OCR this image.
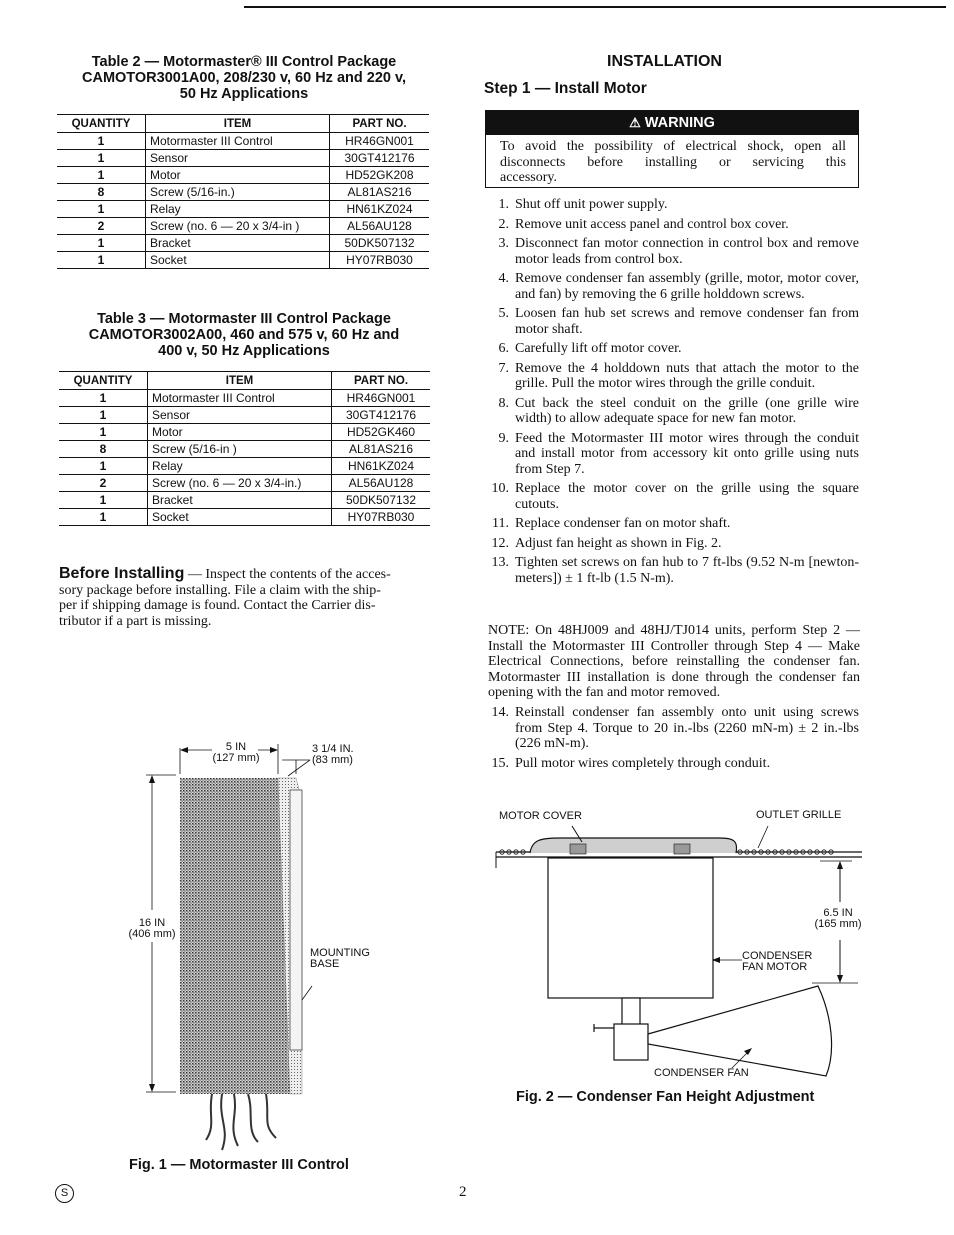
Table 2 — Motormaster® III Control Package
CAMOTOR3001A00, 208/230 v, 60 Hz and 220 v,
50 Hz Applications
QUANTITY	ITEM	PART NO.
1	Motormaster III Control	HR46GN001
1	Sensor	30GT412176
1	Motor	HD52GK208
8	Screw (5/16-in.)	AL81AS216
1	Relay	HN61KZ024
2	Screw (no. 6 — 20 x 3/4-in )	AL56AU128
1	Bracket	50DK507132
1	Socket	HY07RB030
Table 3 — Motormaster III Control Package
CAMOTOR3002A00, 460 and 575 v, 60 Hz and
400 v, 50 Hz Applications
QUANTITY	ITEM	PART NO.
1	Motormaster III Control	HR46GN001
1	Sensor	30GT412176
1	Motor	HD52GK460
8	Screw (5/16-in )	AL81AS216
1	Relay	HN61KZ024
2	Screw (no. 6 — 20 x 3/4-in.)	AL56AU128
1	Bracket	50DK507132
1	Socket	HY07RB030
Before Installing — Inspect the contents of the acces-
sory package before installing. File a claim with the ship-
per if shipping damage is found. Contact the Carrier dis-
tributor if a part is missing.
5 IN
(127 mm)
3 1/4 IN.
(83 mm)
16 IN
(406 mm)
MOUNTING
BASE
Fig. 1 — Motormaster III Control
INSTALLATION
Step 1 — Install Motor
⚠ WARNING
To avoid the possibility of electrical shock, open all
disconnects before installing or servicing this
accessory.
1. Shut off unit power supply.
2. Remove unit access panel and control box cover.
3. Disconnect fan motor connection in control box and remove motor leads from control box.
4. Remove condenser fan assembly (grille, motor, motor cover, and fan) by removing the 6 grille holddown screws.
5. Loosen fan hub set screws and remove condenser fan from motor shaft.
6. Carefully lift off motor cover.
7. Remove the 4 holddown nuts that attach the motor to the grille. Pull the motor wires through the grille conduit.
8. Cut back the steel conduit on the grille (one grille wire width) to allow adequate space for new fan motor.
9. Feed the Motormaster III motor wires through the conduit and install motor from accessory kit onto grille using nuts from Step 7.
10. Replace the motor cover on the grille using the square cutouts.
11. Replace condenser fan on motor shaft.
12. Adjust fan height as shown in Fig. 2.
13. Tighten set screws on fan hub to 7 ft-lbs (9.52 N-m [newton-meters]) ± 1 ft-lb (1.5 N-m).
NOTE: On 48HJ009 and 48HJ/TJ014 units, perform Step 2 — Install the Motormaster III Controller through Step 4 — Make Electrical Connections, before reinstalling the condenser fan. Motormaster III installation is done through the condenser fan opening with the fan and motor removed.
14. Reinstall condenser fan assembly onto unit using screws from Step 4. Torque to 20 in.-lbs (2260 mN-m) ± 2 in.-lbs (226 mN-m).
15. Pull motor wires completely through conduit.
MOTOR COVER	OUTLET GRILLE
6.5 IN
(165 mm)
CONDENSER
FAN MOTOR
CONDENSER FAN
Fig. 2 — Condenser Fan Height Adjustment
S	2
